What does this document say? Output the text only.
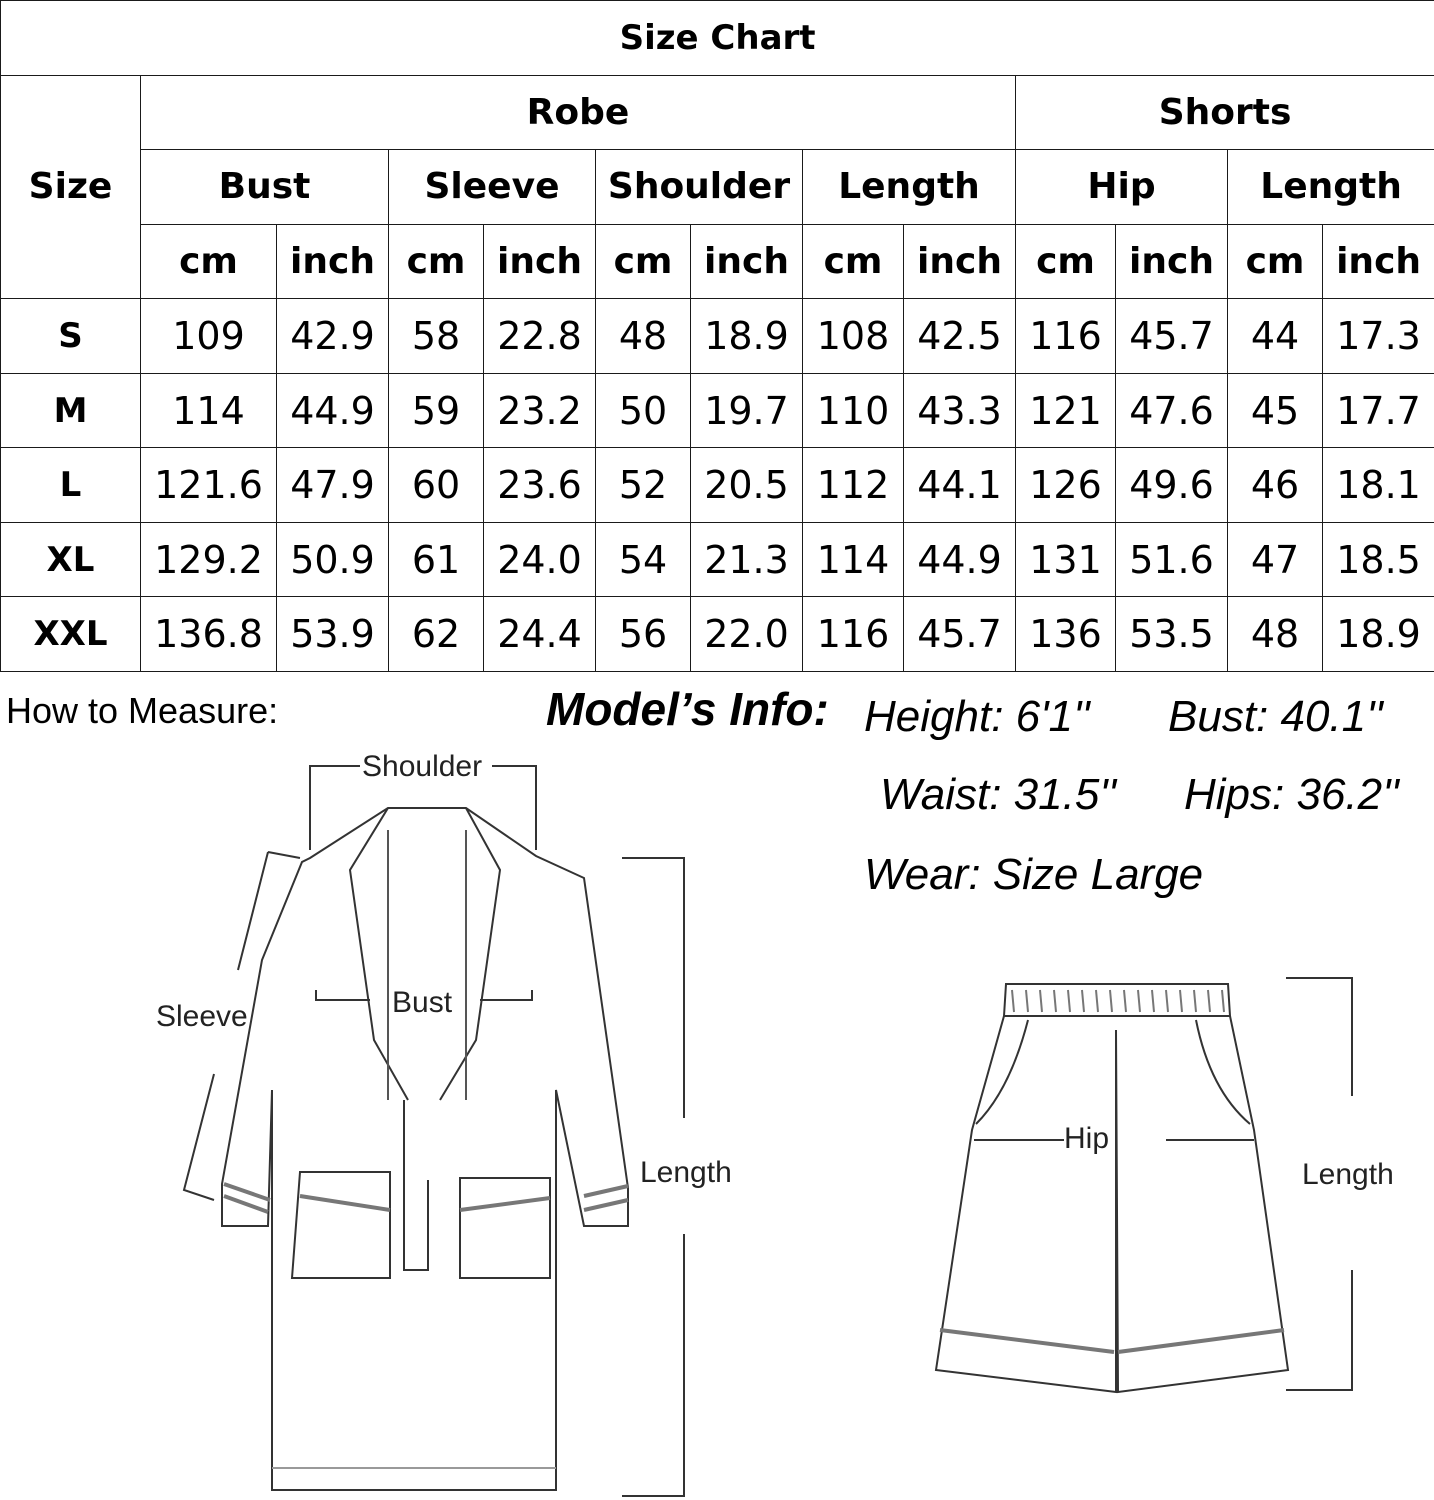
Size Chart												
Size	Robe								Shorts			
	Bust		Sleeve		Shoulder		Length		Hip		Length	
	cm	inch	cm	inch	cm	inch	cm	inch	cm	inch	cm	inch
S	109	42.9	58	22.8	48	18.9	108	42.5	116	45.7	44	17.3
M	114	44.9	59	23.2	50	19.7	110	43.3	121	47.6	45	17.7
L	121.6	47.9	60	23.6	52	20.5	112	44.1	126	49.6	46	18.1
XL	129.2	50.9	61	24.0	54	21.3	114	44.9	131	51.6	47	18.5
XXL	136.8	53.9	62	24.4	56	22.0	116	45.7	136	53.5	48	18.9
How to Measure:	Model’s Info: Height: 6'1'' Bust: 40.1''
Waist: 31.5'' Hips: 36.2''
Wear: Size Large
Shoulder
Sleeve	Bust
Length
Hip
Length
